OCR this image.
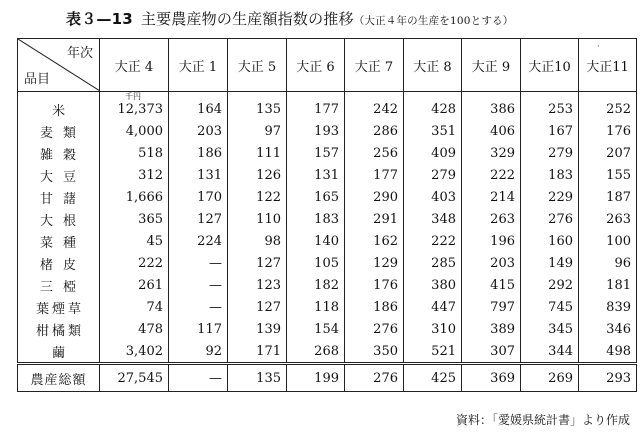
表３—13 主要農産物の生産額指数の推移（大正４年の生産を100とする）
·
年次
品目	大正 4	大正 1	大正 5	大正 6	大正 7	大正 8	大正 9	大正10	大正11
米	12,373	164	135	177	242	428	386	253	252
麦類	4,000	203	97	193	286	351	406	167	176
雑穀	518	186	111	157	256	409	329	279	207
大豆	312	131	126	131	177	279	222	183	155
甘藷	1,666	170	122	165	290	403	214	229	187
大根	365	127	110	183	291	348	263	276	263
菜種	45	224	98	140	162	222	196	160	100
楮皮	222	—	127	105	129	285	203	149	96
三椏	261	—	123	182	176	380	415	292	181
葉煙草	74	—	127	118	186	447	797	745	839
柑橘類	478	117	139	154	276	310	389	345	346
繭	3,402	92	171	268	350	521	307	344	498
農産総額	27,545	—	135	199	276	425	369	269	293
千円
資料：「愛媛県統計書」より作成
